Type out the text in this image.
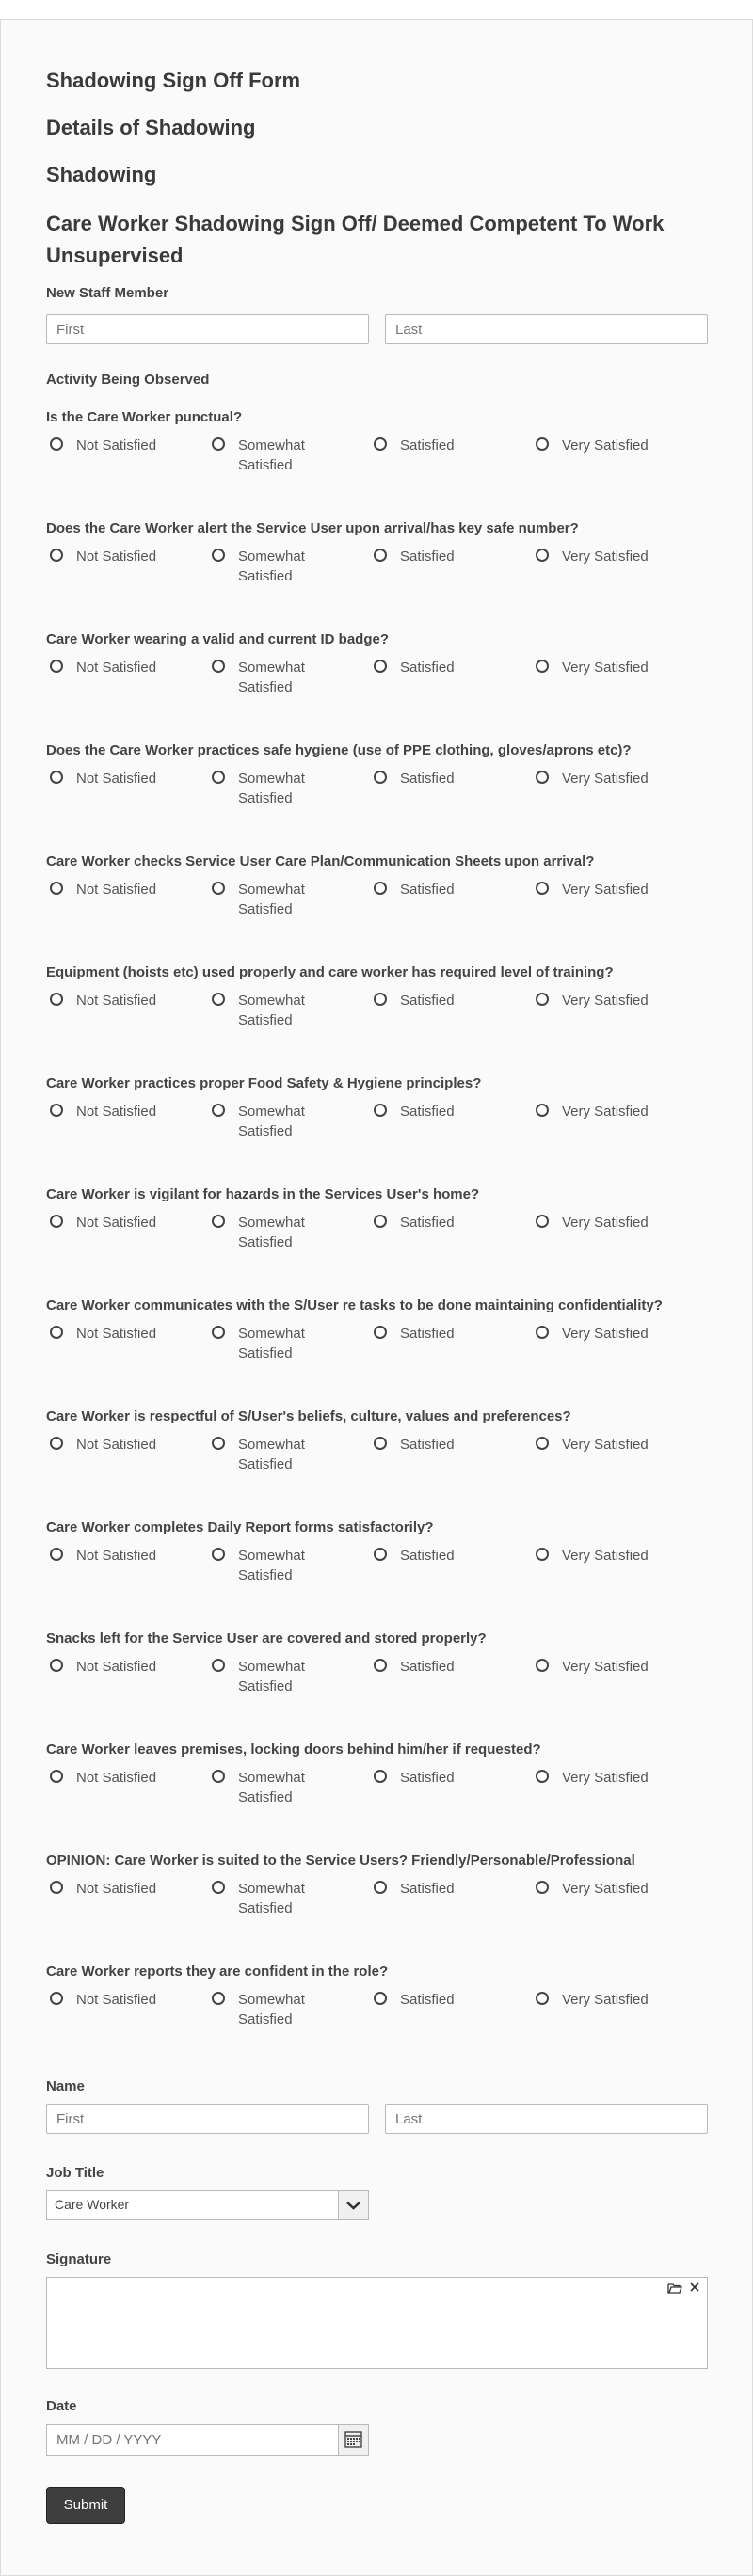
Shadowing Sign Off Form
Details of Shadowing
Shadowing
Care Worker Shadowing Sign Off/ Deemed Competent To Work Unsupervised
New Staff Member
First
Last
Activity Being Observed
Is the Care Worker punctual?
Not Satisfied	Somewhat Satisfied
Satisfied	Very Satisfied
Does the Care Worker alert the Service User upon arrival/has key safe number?
Not Satisfied	Somewhat Satisfied
Satisfied	Very Satisfied
Care Worker wearing a valid and current ID badge?
Not Satisfied	Somewhat Satisfied
Satisfied	Very Satisfied
Does the Care Worker practices safe hygiene (use of PPE clothing, gloves/aprons etc)?
Not Satisfied	Somewhat Satisfied
Satisfied	Very Satisfied
Care Worker checks Service User Care Plan/Communication Sheets upon arrival?
Not Satisfied	Somewhat Satisfied
Satisfied	Very Satisfied
Equipment (hoists etc) used properly and care worker has required level of training?
Not Satisfied	Somewhat Satisfied
Satisfied	Very Satisfied
Care Worker practices proper Food Safety & Hygiene principles?
Not Satisfied	Somewhat Satisfied
Satisfied	Very Satisfied
Care Worker is vigilant for hazards in the Services User's home?
Not Satisfied	Somewhat Satisfied
Satisfied	Very Satisfied
Care Worker communicates with the S/User re tasks to be done maintaining confidentiality?
Not Satisfied	Somewhat Satisfied
Satisfied	Very Satisfied
Care Worker is respectful of S/User's beliefs, culture, values and preferences?
Not Satisfied	Somewhat Satisfied
Satisfied	Very Satisfied
Care Worker completes Daily Report forms satisfactorily?
Not Satisfied	Somewhat Satisfied
Satisfied	Very Satisfied
Snacks left for the Service User are covered and stored properly?
Not Satisfied	Somewhat Satisfied
Satisfied	Very Satisfied
Care Worker leaves premises, locking doors behind him/her if requested?
Not Satisfied	Somewhat Satisfied
Satisfied	Very Satisfied
OPINION: Care Worker is suited to the Service Users? Friendly/Personable/Professional
Not Satisfied	Somewhat Satisfied
Satisfied	Very Satisfied
Care Worker reports they are confident in the role?
Not Satisfied	Somewhat Satisfied
Satisfied	Very Satisfied
Name
First
Last
Job Title
Care Worker
Signature
Date
MM / DD / YYYY
Submit
